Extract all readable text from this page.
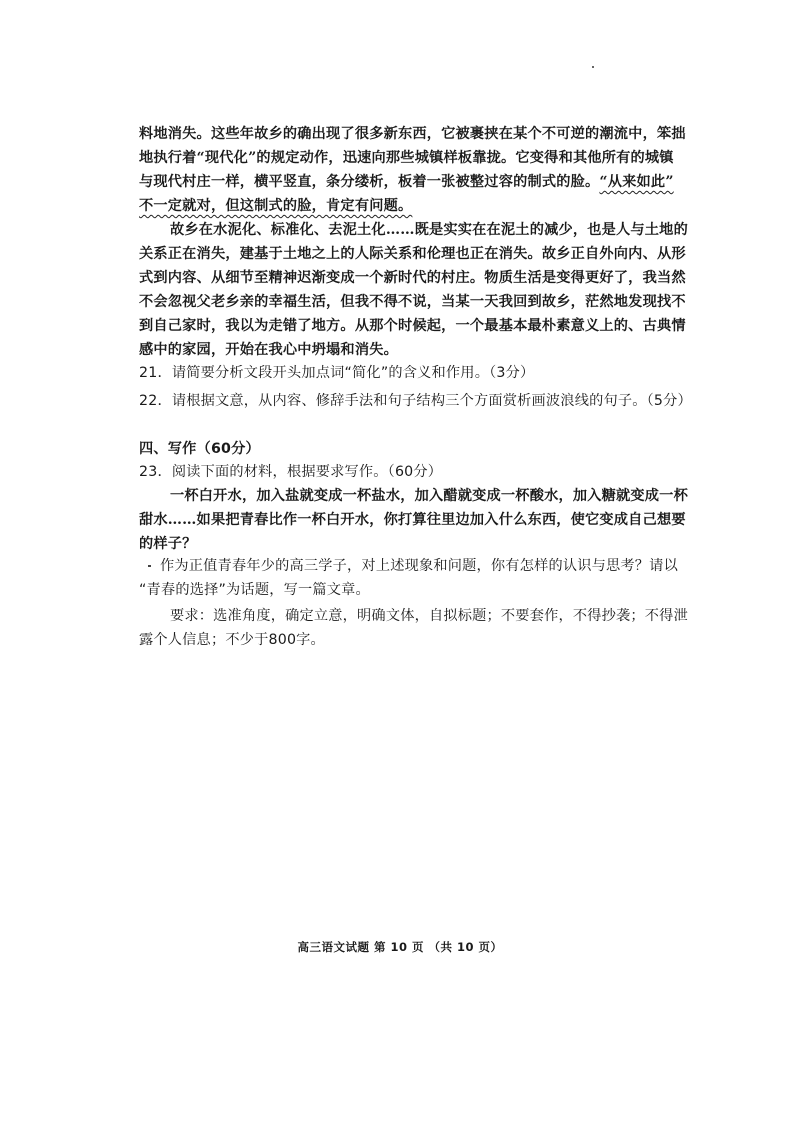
料地消失。这些年故乡的确出现了很多新东西，它被裹挟在某个不可逆的潮流中，笨拙
地执行着“现代化”的规定动作，迅速向那些城镇样板靠拢。它变得和其他所有的城镇
与现代村庄一样，横平竖直，条分缕析，板着一张被整过容的制式的脸。“从来如此”
不一定就对，但这制式的脸，肯定有问题。
故乡在水泥化、标准化、去泥土化……既是实实在在泥土的减少，也是人与土地的
关系正在消失，建基于土地之上的人际关系和伦理也正在消失。故乡正自外向内、从形
式到内容、从细节至精神迟渐变成一个新时代的村庄。物质生活是变得更好了，我当然
不会忽视父老乡亲的幸福生活，但我不得不说，当某一天我回到故乡，茫然地发现找不
到自己家时，我以为走错了地方。从那个时候起，一个最基本最朴素意义上的、古典情
感中的家园，开始在我心中坍塌和消失。
21．请简要分析文段开头加点词“简化”的含义和作用。（3分）
22．请根据文意，从内容、修辞手法和句子结构三个方面赏析画波浪线的句子。（5分）
四、写作（60分）
23．阅读下面的材料，根据要求写作。（60分）
一杯白开水，加入盐就变成一杯盐水，加入醋就变成一杯酸水，加入糖就变成一杯
甜水……如果把青春比作一杯白开水，你打算往里边加入什么东西，使它变成自己想要
的样子？
作为正值青春年少的高三学子，对上述现象和问题，你有怎样的认识与思考？请以
“青春的选择”为话题，写一篇文章。
要求：选准角度，确定立意，明确文体，自拟标题；不要套作，不得抄袭；不得泄
露个人信息；不少于800字。
高三语文试题 第 10 页 （共 10 页）
